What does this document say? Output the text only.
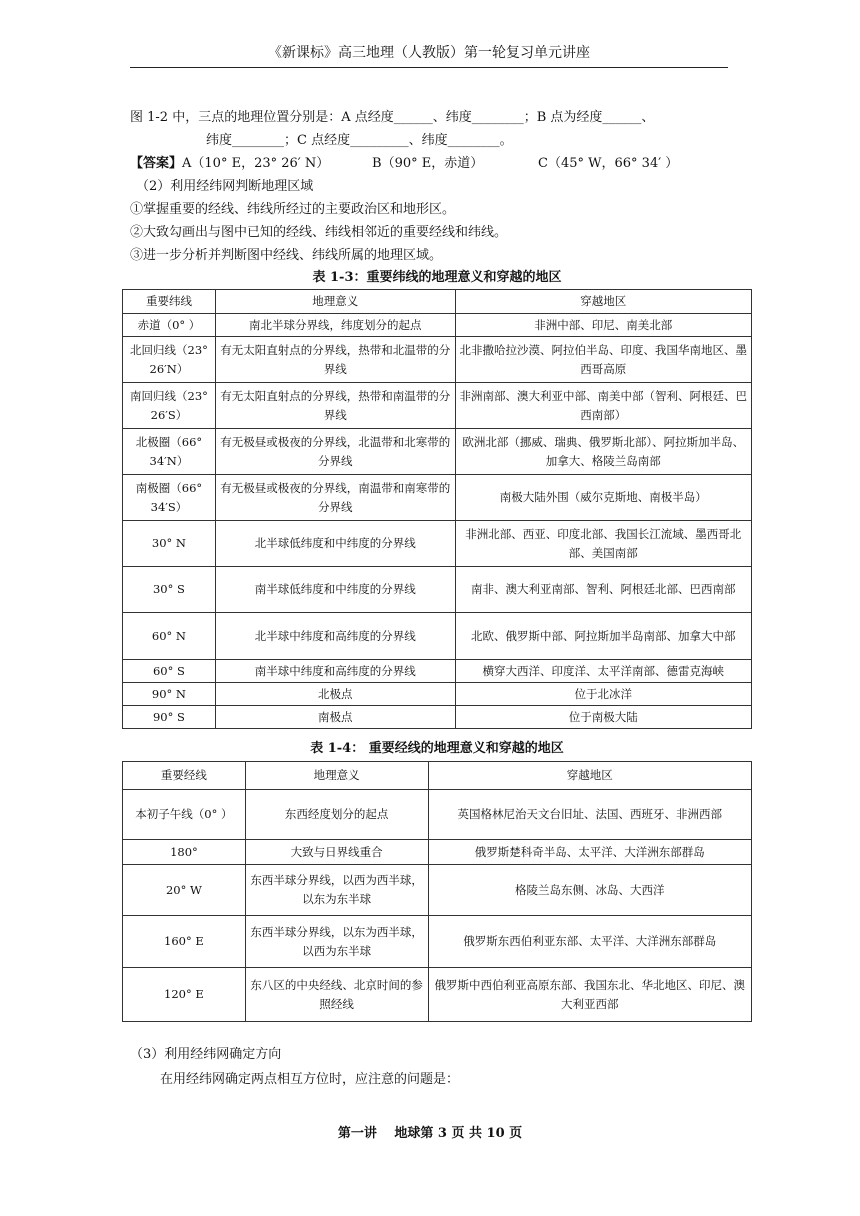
《新课标》高三地理（人教版）第一轮复习单元讲座
图 1-2 中，三点的地理位置分别是：A 点经度______、纬度________；B 点为经度______、
纬度________；C 点经度_________、纬度________。
【答案】 A（10° E，23° 26′ N）	B（90° E，赤道）	C（45° W，66° 34′ ）
（2）利用经纬网判断地理区域
①掌握重要的经线、纬线所经过的主要政治区和地形区。
②大致勾画出与图中已知的经线、纬线相邻近的重要经线和纬线。
③进一步分析并判断图中经线、纬线所属的地理区域。
表 1-3：重要纬线的地理意义和穿越的地区
重要纬线	地理意义	穿越地区
赤道（0° ）	南北半球分界线，纬度划分的起点	非洲中部、印尼、南美北部
北回归线（23° 26′N）	有无太阳直射点的分界线，热带和北温带的分界线	北非撒哈拉沙漠、阿拉伯半岛、印度、我国华南地区、墨西哥高原
南回归线（23° 26′S）	有无太阳直射点的分界线，热带和南温带的分界线	非洲南部、澳大利亚中部、南美中部（智利、阿根廷、巴西南部）
北极圈（66° 34′N）	有无极昼或极夜的分界线，北温带和北寒带的分界线	欧洲北部（挪威、瑞典、俄罗斯北部）、阿拉斯加半岛、加拿大、格陵兰岛南部
南极圈（66° 34′S）	有无极昼或极夜的分界线，南温带和南寒带的分界线	南极大陆外围（威尔克斯地、南极半岛）
30° N	北半球低纬度和中纬度的分界线	非洲北部、西亚、印度北部、我国长江流域、墨西哥北部、美国南部
30° S	南半球低纬度和中纬度的分界线	南非、澳大利亚南部、智利、阿根廷北部、巴西南部
60° N	北半球中纬度和高纬度的分界线	北欧、俄罗斯中部、阿拉斯加半岛南部、加拿大中部
60° S	南半球中纬度和高纬度的分界线	横穿大西洋、印度洋、太平洋南部、德雷克海峡
90° N	北极点	位于北冰洋
90° S	南极点	位于南极大陆
表 1-4： 重要经线的地理意义和穿越的地区
重要经线	地理意义	穿越地区
本初子午线（0° ）	东西经度划分的起点	英国格林尼治天文台旧址、法国、西班牙、非洲西部
180°	大致与日界线重合	俄罗斯楚科奇半岛、太平洋、大洋洲东部群岛
20° W	东西半球分界线，以西为西半球，以东为东半球	格陵兰岛东侧、冰岛、大西洋
160° E	东西半球分界线，以东为西半球，以西为东半球	俄罗斯东西伯利亚东部、太平洋、大洋洲东部群岛
120° E	东八区的中央经线、北京时间的参照经线	俄罗斯中西伯利亚高原东部、我国东北、华北地区、印尼、澳大利亚西部
（3）利用经纬网确定方向
在用经纬网确定两点相互方位时，应注意的问题是：
第一讲　 地球第 3 页 共 10 页
